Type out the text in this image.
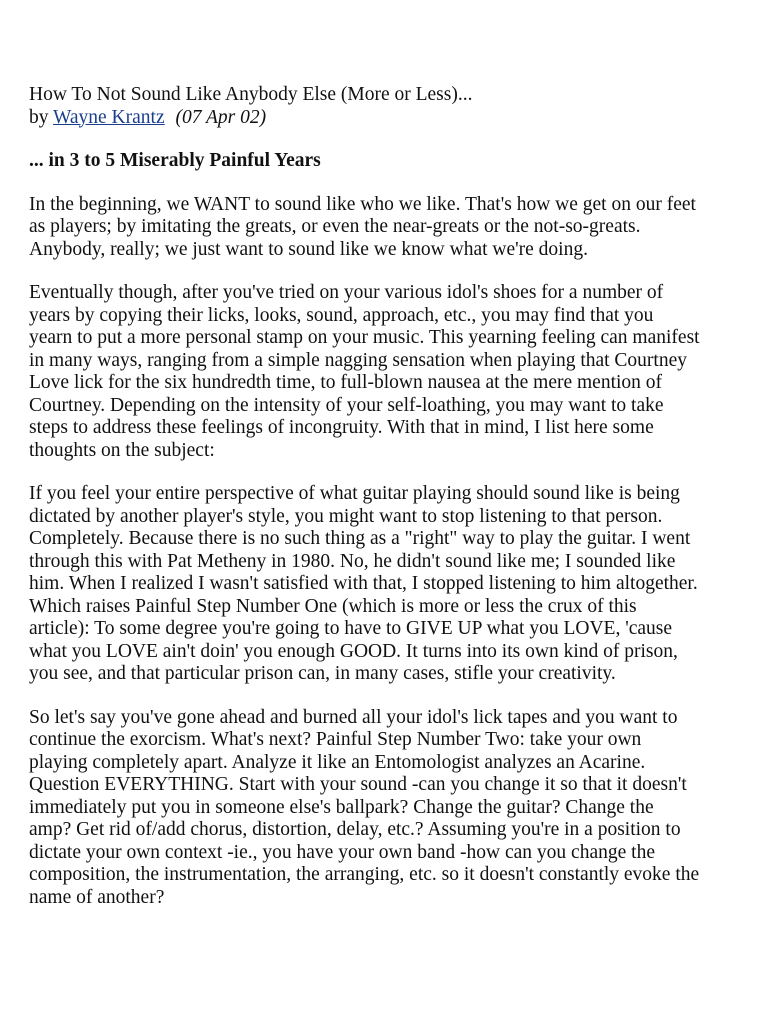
How To Not Sound Like Anybody Else (More or Less)...

by Wayne Krantz (07 Apr 02)

... in 3 to 5 Miserably Painful Years

In the beginning, we WANT to sound like who we like. That's how we get on our feet
as players; by imitating the greats, or even the near-greats or the not-so-greats.
Anybody, really; we just want to sound like we know what we're doing.

Eventually though, after you've tried on your various idol's shoes for a number of
years by copying their licks, looks, sound, approach, etc., you may find that you
yearn to put a more personal stamp on your music. This yearning feeling can manifest
in many ways, ranging from a simple nagging sensation when playing that Courtney
Love lick for the six hundredth time, to full-blown nausea at the mere mention of
Courtney. Depending on the intensity of your self-loathing, you may want to take
steps to address these feelings of incongruity. With that in mind, I list here some
thoughts on the subject:

If you feel your entire perspective of what guitar playing should sound like is being
dictated by another player's style, you might want to stop listening to that person.
Completely. Because there is no such thing as a "right" way to play the guitar. I went
through this with Pat Metheny in 1980. No, he didn't sound like me; I sounded like
him. When I realized I wasn't satisfied with that, I stopped listening to him altogether.
Which raises Painful Step Number One (which is more or less the crux of this
article): To some degree you're going to have to GIVE UP what you LOVE, 'cause
what you LOVE ain't doin' you enough GOOD. It turns into its own kind of prison,
you see, and that particular prison can, in many cases, stifle your creativity.

So let's say you've gone ahead and burned all your idol's lick tapes and you want to
continue the exorcism. What's next? Painful Step Number Two: take your own
playing completely apart. Analyze it like an Entomologist analyzes an Acarine.
Question EVERYTHING. Start with your sound -can you change it so that it doesn't
immediately put you in someone else's ballpark? Change the guitar? Change the
amp? Get rid of/add chorus, distortion, delay, etc.? Assuming you're in a position to
dictate your own context -ie., you have your own band -how can you change the
composition, the instrumentation, the arranging, etc. so it doesn't constantly evoke the
name of another?
